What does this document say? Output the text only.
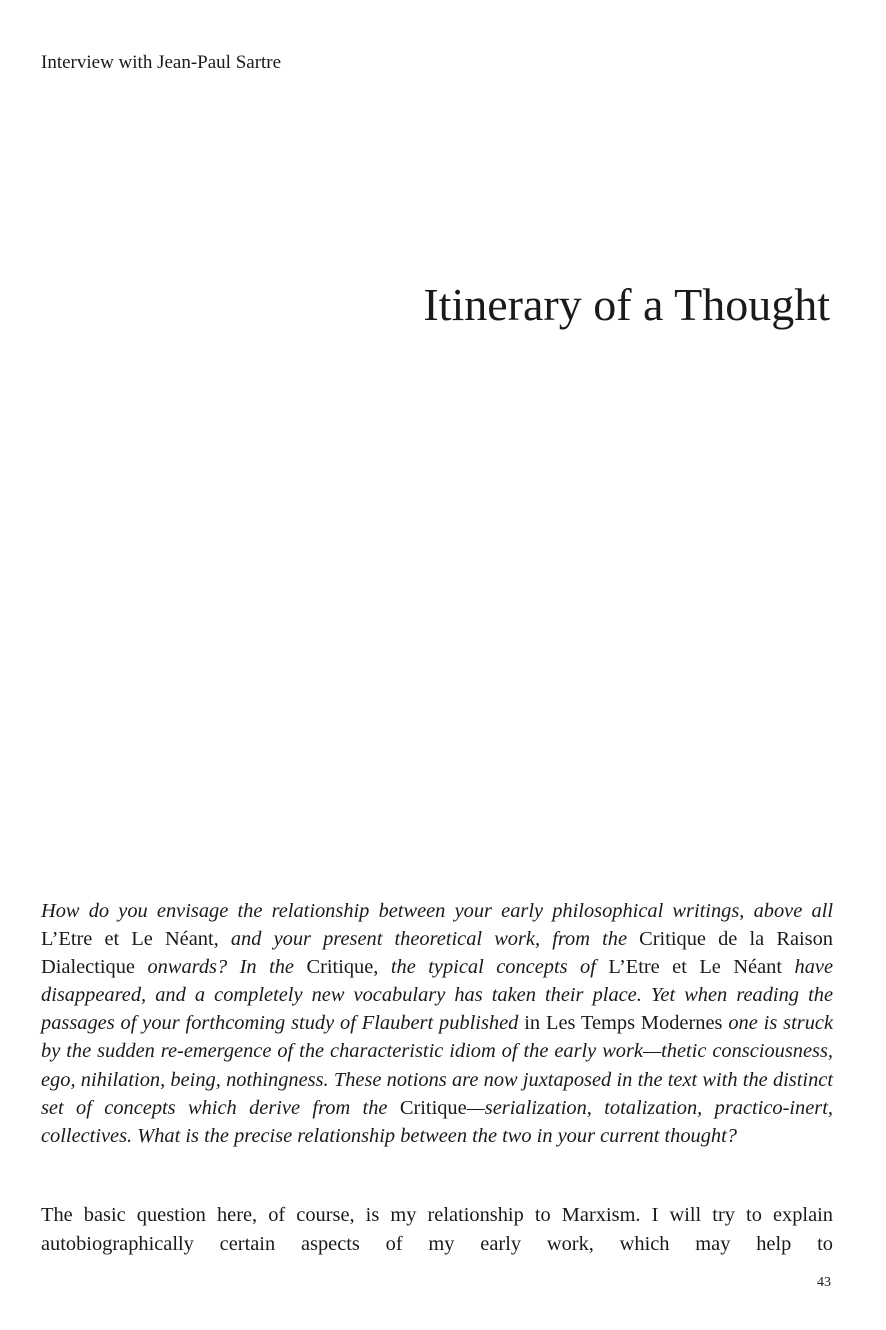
Interview with Jean-Paul Sartre
Itinerary of a Thought

How do you envisage the relationship between your early philosophical writings, above all L’Etre et Le Néant, and your present theoretical work, from the Critique de la Raison Dialectique onwards? In the Critique, the typical concepts of L’Etre et Le Néant have disappeared, and a completely new vocabulary has taken their place. Yet when reading the passages of your forthcoming study of Flaubert published in Les Temps Modernes one is struck by the sudden re-emergence of the characteristic idiom of the early work—thetic consciousness, ego, nihilation, being, nothingness. These notions are now juxtaposed in the text with the distinct set of concepts which derive from the Critique—serialization, totalization, practico-inert, collectives. What is the precise relationship between the two in your current thought?

The basic question here, of course, is my relationship to Marxism. I will try to explain autobiographically certain aspects of my early work, which may help to

43
